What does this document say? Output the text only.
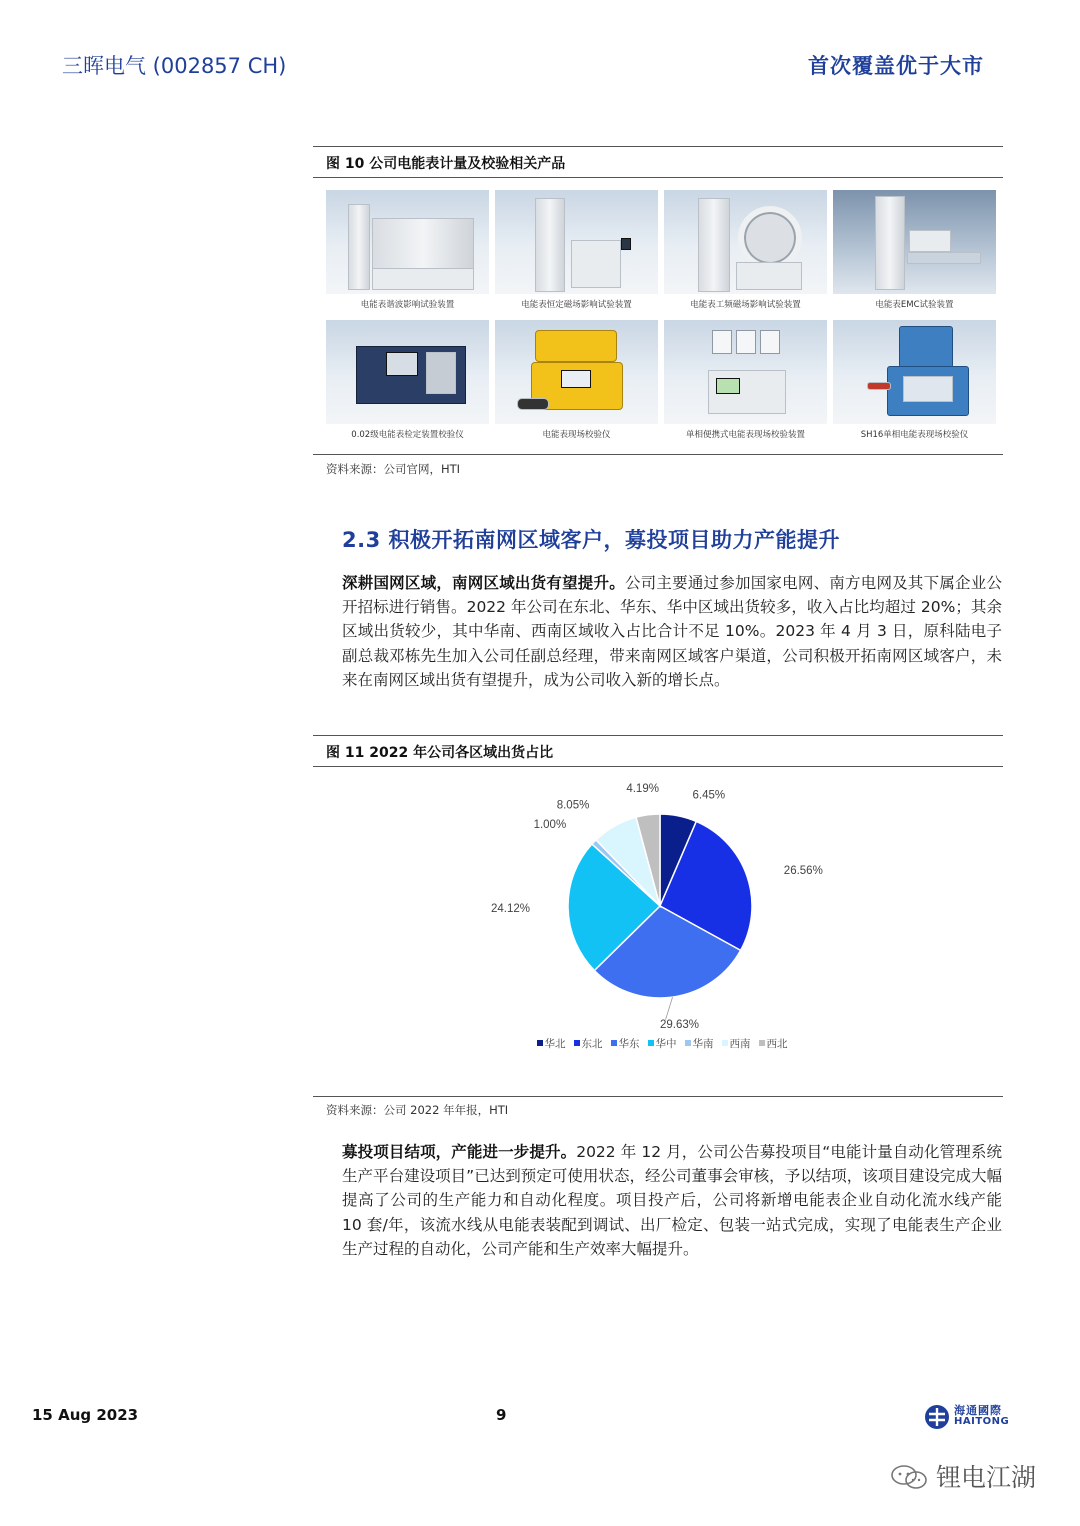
三晖电气 (002857 CH)	首次覆盖优于大市
图 10 公司电能表计量及校验相关产品
电能表谐波影响试验装置	电能表恒定磁场影响试验装置	电能表工频磁场影响试验装置	电能表EMC试验装置
0.02级电能表检定装置校验仪	电能表现场校验仪	单相便携式电能表现场校验装置	SH16单相电能表现场校验仪
资料来源：公司官网，HTI
2.3 积极开拓南网区域客户，募投项目助力产能提升
深耕国网区域，南网区域出货有望提升。公司主要通过参加国家电网、南方电网及其下属企业公开招标进行销售。2022 年公司在东北、华东、华中区域出货较多，收入占比均超过 20%；其余区域出货较少，其中华南、西南区域收入占比合计不足 10%。2023 年 4 月 3 日，原科陆电子副总裁邓栋先生加入公司任副总经理，带来南网区域客户渠道，公司积极开拓南网区域客户，未来在南网区域出货有望提升，成为公司收入新的增长点。
图 11 2022 年公司各区域出货占比
6.45%
26.56%
29.63%
24.12%
1.00%
8.05%
4.19%
华北 东北 华东 华中 华南 西南 西北
资料来源：公司 2022 年年报，HTI
募投项目结项，产能进一步提升。2022 年 12 月，公司公告募投项目“电能计量自动化管理系统生产平台建设项目”已达到预定可使用状态，经公司董事会审核，予以结项，该项目建设完成大幅提高了公司的生产能力和自动化程度。项目投产后，公司将新增电能表企业自动化流水线产能 10 套/年，该流水线从电能表装配到调试、出厂检定、包装一站式完成，实现了电能表生产企业生产过程的自动化，公司产能和生产效率大幅提升。
15 Aug 2023	9	海通國際
HAITONG
锂电江湖
